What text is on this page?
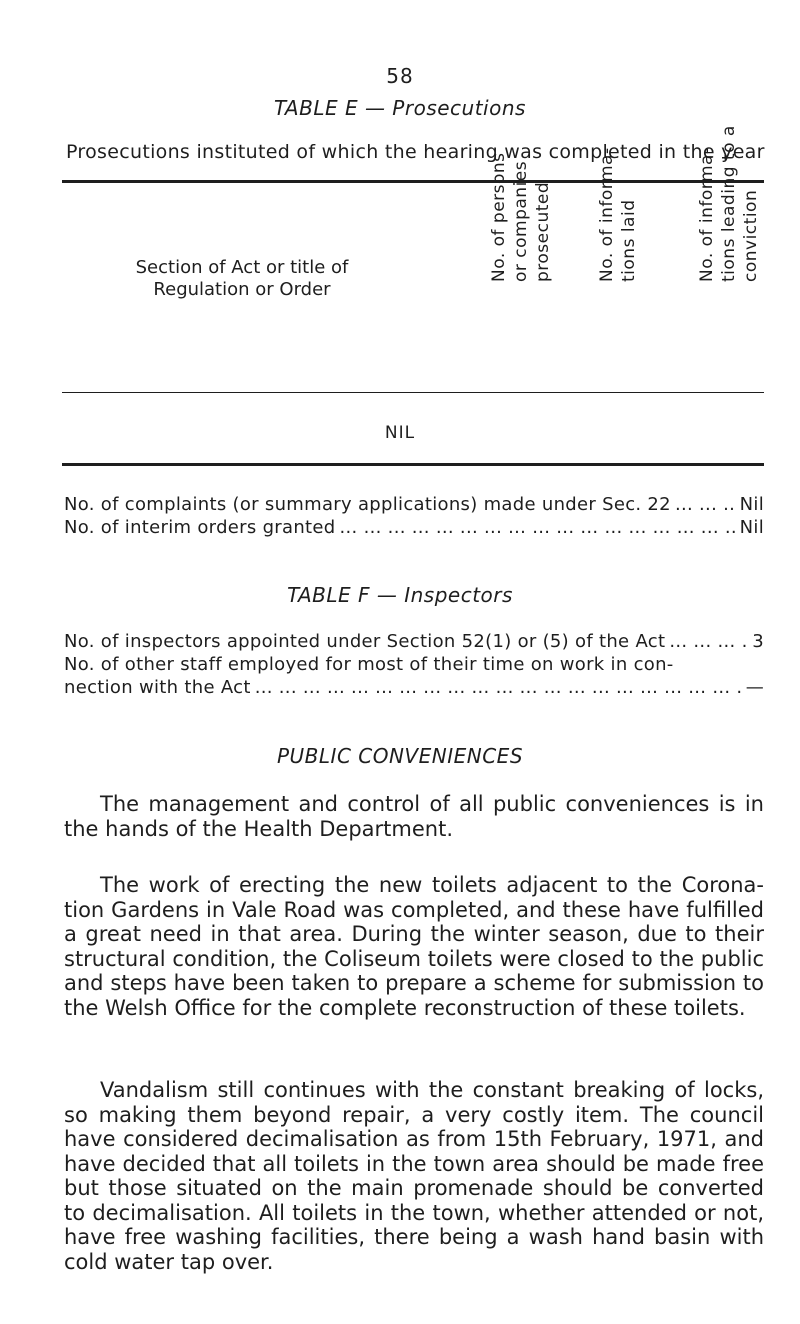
58
TABLE E — Prosecutions
Prosecutions instituted of which the hearing was completed in the year
Section of Act or title of
Regulation or Order
No. of persons or companies prosecuted	No. of informa- tions laid	No. of informa- tions leading to a conviction
NIL
No. of complaints (or summary applications) made under Sec. 22 ... .	Nil
No. of interim orders granted ... .	Nil
TABLE F — Inspectors
No. of inspectors appointed under Section 52(1) or (5) of the Act ... .	3
No. of other staff employed for most of their time on work in con-
nection with the Act ... .	—
PUBLIC CONVENIENCES
The management and control of all public conveniences is in the hands of the Health Department.
The work of erecting the new toilets adjacent to the Corona-tion Gardens in Vale Road was completed, and these have fulfilled a great need in that area. During the winter season, due to their structural condition, the Coliseum toilets were closed to the public and steps have been taken to prepare a scheme for submission to the Welsh Office for the complete reconstruction of these toilets.
Vandalism still continues with the constant breaking of locks, so making them beyond repair, a very costly item. The council have considered decimalisation as from 15th February, 1971, and have decided that all toilets in the town area should be made free but those situated on the main promenade should be converted to decimalisation. All toilets in the town, whether attended or not, have free washing facilities, there being a wash hand basin with cold water tap over.
